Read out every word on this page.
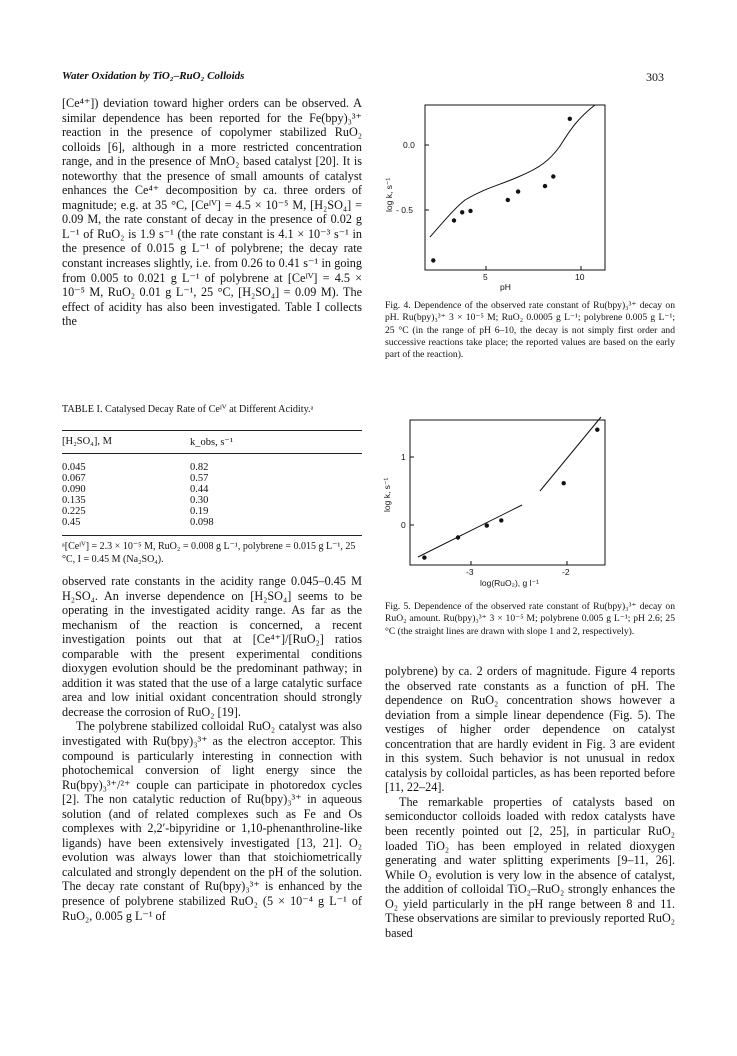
Water Oxidation by TiO₂–RuO₂ Colloids	303

[Ce⁴⁺]) deviation toward higher orders can be observed. A similar dependence has been reported for the Fe(bpy)₃³⁺ reaction in the presence of copolymer stabilized RuO₂ colloids [6], although in a more restricted concentration range, and in the presence of MnO₂ based catalyst [20]. It is noteworthy that the presence of small amounts of catalyst enhances the Ce⁴⁺ decomposition by ca. three orders of magnitude; e.g. at 35 °C, [Ceᴵⱽ] = 4.5 × 10⁻⁵ M, [H₂SO₄] = 0.09 M, the rate constant of decay in the presence of 0.02 g L⁻¹ of RuO₂ is 1.9 s⁻¹ (the rate constant is 4.1 × 10⁻³ s⁻¹ in the presence of 0.015 g L⁻¹ of polybrene; the decay rate constant increases slightly, i.e. from 0.26 to 0.41 s⁻¹ in going from 0.005 to 0.021 g L⁻¹ of polybrene at [Ceᴵⱽ] = 4.5 × 10⁻⁵ M, RuO₂ 0.01 g L⁻¹, 25 °C, [H₂SO₄] = 0.09 M). The effect of acidity has also been investigated. Table I collects the

TABLE I. Catalysed Decay Rate of Ceᴵⱽ at Different Acidity.ᵃ
[H₂SO₄], M	k_obs, s⁻¹
0.045	0.82
0.067	0.57
0.090	0.44
0.135	0.30
0.225	0.19
0.45	0.098
ᵃ[Ceᴵⱽ] = 2.3 × 10⁻⁵ M, RuO₂ = 0.008 g L⁻¹, polybrene = 0.015 g L⁻¹, 25 °C, I = 0.45 M (Na₂SO₄).

observed rate constants in the acidity range 0.045–0.45 M H₂SO₄. An inverse dependence on [H₂SO₄] seems to be operating in the investigated acidity range. As far as the mechanism of the reaction is concerned, a recent investigation points out that at [Ce⁴⁺]/[RuO₂] ratios comparable with the present experimental conditions dioxygen evolution should be the predominant pathway; in addition it was stated that the use of a large catalytic surface area and low initial oxidant concentration should strongly decrease the corrosion of RuO₂ [19].

The polybrene stabilized colloidal RuO₂ catalyst was also investigated with Ru(bpy)₃³⁺ as the electron acceptor. This compound is particularly interesting in connection with photochemical conversion of light energy since the Ru(bpy)₃³⁺/²⁺ couple can participate in photoredox cycles [2]. The non catalytic reduction of Ru(bpy)₃³⁺ in aqueous solution (and of related complexes such as Fe and Os complexes with 2,2′-bipyridine or 1,10-phenanthroline-like ligands) have been extensively investigated [13, 21]. O₂ evolution was always lower than that stoichiometrically calculated and strongly dependent on the pH of the solution. The decay rate constant of Ru(bpy)₃³⁺ is enhanced by the presence of polybrene stabilized RuO₂ (5 × 10⁻⁴ g L⁻¹ of RuO₂, 0.005 g L⁻¹ of

0.0
- 0.5
5	10
pH
log k, s⁻¹
Fig. 4. Dependence of the observed rate constant of Ru(bpy)₃³⁺ decay on pH. Ru(bpy)₃³⁺ 3 × 10⁻⁵ M; RuO₂ 0.0005 g L⁻¹; polybrene 0.005 g L⁻¹; 25 °C (in the range of pH 6–10, the decay is not simply first order and successive reactions take place; the reported values are based on the early part of the reaction).
1
0
-3	-2
log(RuO₂), g l⁻¹
log k, s⁻¹
Fig. 5. Dependence of the observed rate constant of Ru(bpy)₃³⁺ decay on RuO₂ amount. Ru(bpy)₃³⁺ 3 × 10⁻⁵ M; polybrene 0.005 g L⁻¹; pH 2.6; 25 °C (the straight lines are drawn with slope 1 and 2, respectively).

polybrene) by ca. 2 orders of magnitude. Figure 4 reports the observed rate constants as a function of pH. The dependence on RuO₂ concentration shows however a deviation from a simple linear dependence (Fig. 5). The vestiges of higher order dependence on catalyst concentration that are hardly evident in Fig. 3 are evident in this system. Such behavior is not unusual in redox catalysis by colloidal particles, as has been reported before [11, 22–24].

The remarkable properties of catalysts based on semiconductor colloids loaded with redox catalysts have been recently pointed out [2, 25], in particular RuO₂ loaded TiO₂ has been employed in related dioxygen generating and water splitting experiments [9–11, 26]. While O₂ evolution is very low in the absence of catalyst, the addition of colloidal TiO₂–RuO₂ strongly enhances the O₂ yield particularly in the pH range between 8 and 11. These observations are similar to previously reported RuO₂ based
